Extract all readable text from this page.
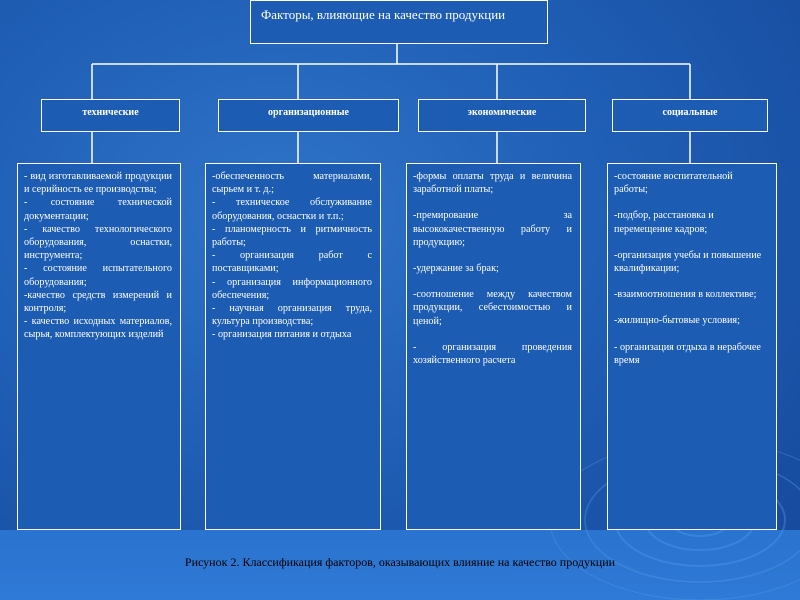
Факторы, влияющие на качество продукции
технические	организационные	экономические	социальные

- вид изготавливаемой продукции и серийность ее производства;

- состояние технической документации;

- качество технологического оборудования, оснастки, инструмента;

- состояние испытательного оборудования;

-качество средств измерений и контроля;

- качество исходных материалов, сырья, комплектующих изделий

-обеспеченность материалами, сырьем и т. д.;

- техническое обслуживание оборудования, оснастки и т.п.;

- планомерность и ритмичность работы;

- организация работ с поставщиками;

- организация информационного обеспечения;

- научная организация труда, культура производства;

- организация питания и отдыха

-формы оплаты труда и величина заработной платы;

-премирование за высококачественную работу и продукцию;

-удержание за брак;

-соотношение между качеством продукции, себестоимостью и ценой;

- организация проведения хозяйственного расчета

-состояние воспитательной работы;

-подбор, расстановка и перемещение кадров;

-организация учебы и повышение квалификации;

-взаимоотношения в коллективе;

-жилищно-бытовые условия;

- организация отдыха в нерабочее время

Рисунок 2. Классификация факторов, оказывающих влияние на качество продукции
